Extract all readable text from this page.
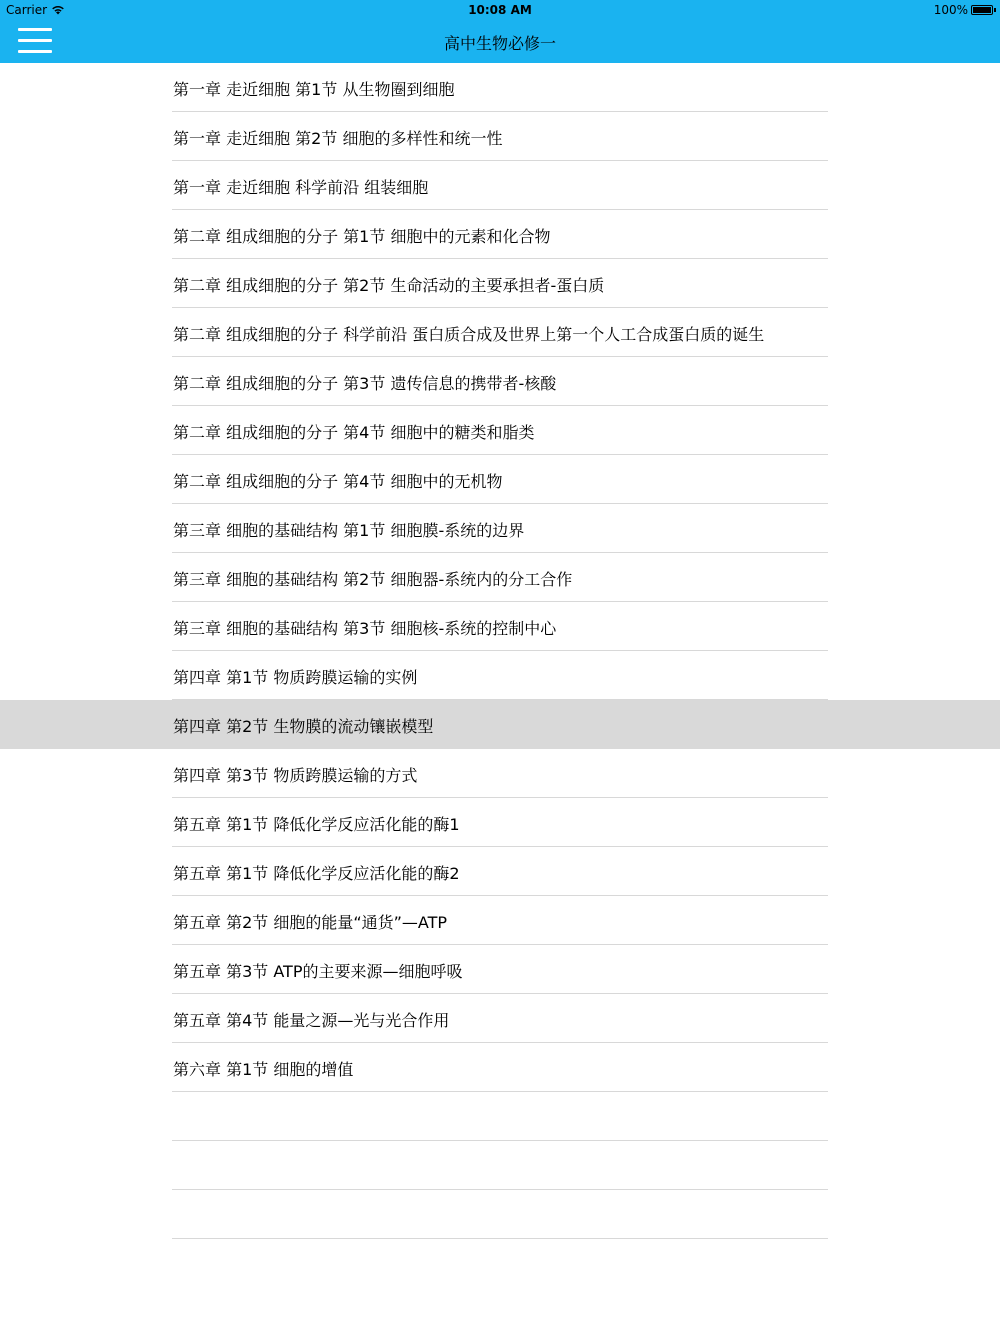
Carrier	10:08 AM	100%
高中生物必修一
第一章 走近细胞 第1节 从生物圈到细胞
第一章 走近细胞 第2节 细胞的多样性和统一性
第一章 走近细胞 科学前沿 组装细胞
第二章 组成细胞的分子 第1节 细胞中的元素和化合物
第二章 组成细胞的分子 第2节 生命活动的主要承担者-蛋白质
第二章 组成细胞的分子 科学前沿 蛋白质合成及世界上第一个人工合成蛋白质的诞生
第二章 组成细胞的分子 第3节 遗传信息的携带者-核酸
第二章 组成细胞的分子 第4节 细胞中的糖类和脂类
第二章 组成细胞的分子 第4节 细胞中的无机物
第三章 细胞的基础结构 第1节 细胞膜-系统的边界
第三章 细胞的基础结构 第2节 细胞器-系统内的分工合作
第三章 细胞的基础结构 第3节 细胞核-系统的控制中心
第四章 第1节 物质跨膜运输的实例
第四章 第2节 生物膜的流动镶嵌模型
第四章 第3节 物质跨膜运输的方式
第五章 第1节 降低化学反应活化能的酶1
第五章 第1节 降低化学反应活化能的酶2
第五章 第2节 细胞的能量“通货”—ATP
第五章 第3节 ATP的主要来源—细胞呼吸
第五章 第4节 能量之源—光与光合作用
第六章 第1节 细胞的增值
